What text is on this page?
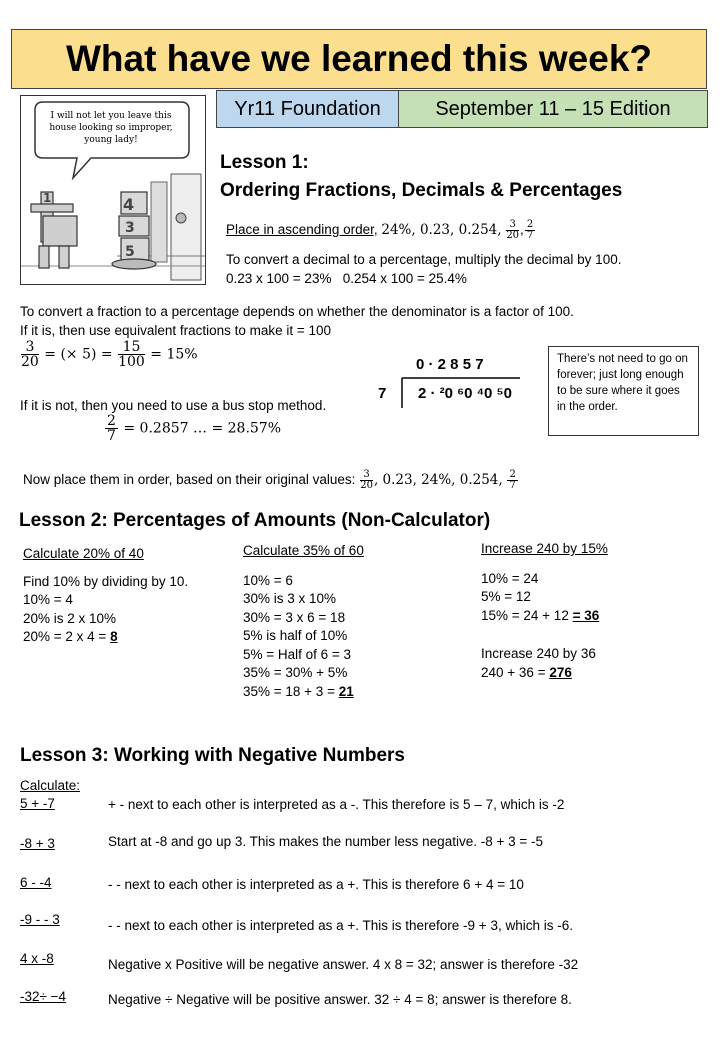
What have we learned this week?
Yr11 Foundation	September 11 – 15 Edition
4
3
5
1
I will not let you leave this house looking so improper, young lady!
Lesson 1:
Ordering Fractions, Decimals & Percentages
Place in ascending order, 24%, 0.23, 0.254, $\frac{3}{20}$ , $\frac{2}{7}$
To convert a decimal to a percentage, multiply the decimal by 100.
0.23 x 100 = 23%   0.254 x 100 = 25.4%
To convert a fraction to a percentage depends on whether the denominator is a factor of 100.
If it is, then use equivalent fractions to make it = 100
$\frac{3}{20}$ = (× $5) = \frac{15}{100} = 15\%$
If it is not, then you need to use a bus stop method.
$\frac{2}{7} = 0.2857$ … = 28.57%
0 · 2 8 5 7
7 2 · ²0 ⁶0 ⁴0 ⁵0
There’s not need to go on forever; just long enough to be sure where it goes in the order.
Now place them in order, based on their original values: $\frac{3}{20}$ , 0.23, 24%, 0.254, $\frac{2}{7}$
Lesson 2: Percentages of Amounts (Non-Calculator)
Calculate 20% of 40
Find 10% by dividing by 10.
10% = 4
20% is 2 x 10%
20% = 2 x 4 = 8
Calculate 35% of 60
10% = 6
30% is 3 x 10%
30% = 3 x 6 = 18
5% is half of 10%
5% = Half of 6 = 3
35% = 30% + 5%
35% = 18 + 3 = 21
Increase 240 by 15%
10% = 24
5% = 12
15% = 24 + 12 = 36
Increase 240 by 36
240 + 36 = 276
Lesson 3: Working with Negative Numbers
Calculate:
5 + -7	+ - next to each other is interpreted as a -. This therefore is 5 – 7, which is -2
-8 + 3	Start at -8 and go up 3. This makes the number less negative. -8 + 3 = -5
6 - -4	- - next to each other is interpreted as a +. This is therefore 6 + 4 = 10
-9 - - 3	- - next to each other is interpreted as a +. This is therefore -9 + 3, which is -6.
4 x -8	Negative x Positive will be negative answer. 4 x 8 = 32; answer is therefore -32
-32÷ −4	Negative ÷ Negative will be positive answer. 32 ÷ 4 = 8; answer is therefore 8.
